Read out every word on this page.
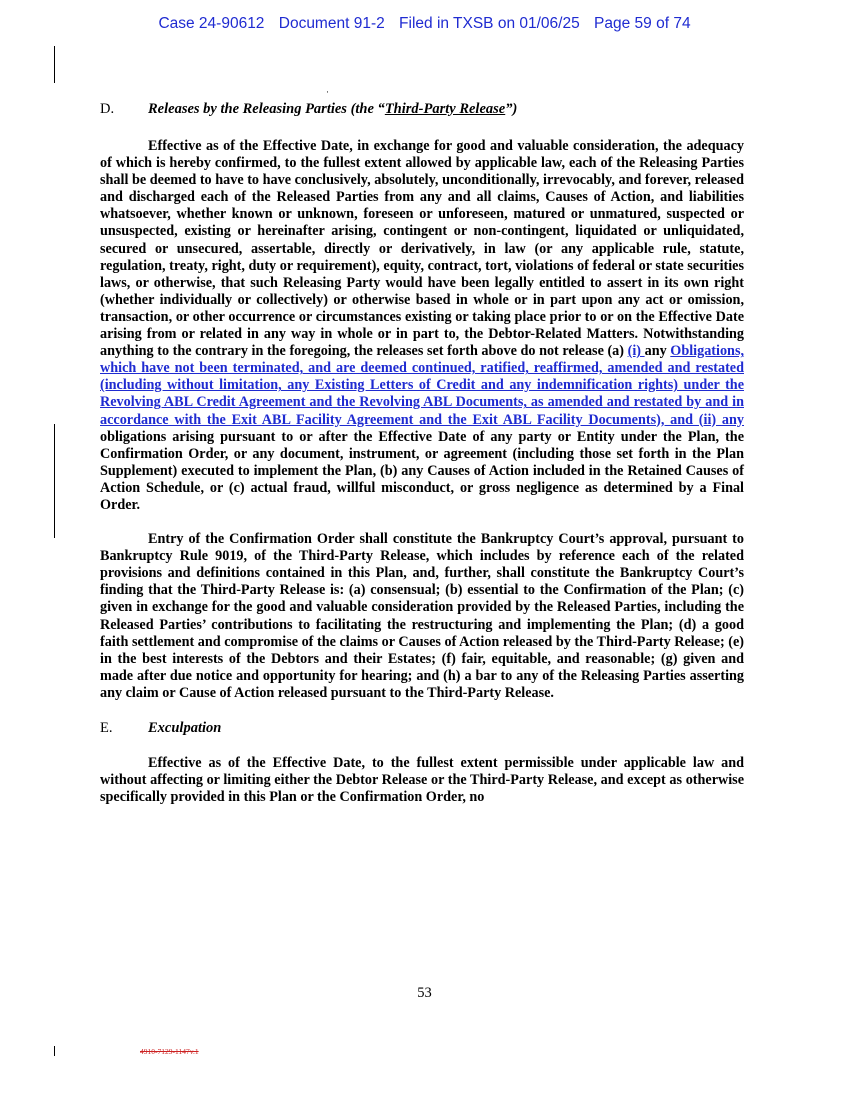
Case 24-90612 Document 91-2 Filed in TXSB on 01/06/25 Page 59 of 74
·
D. Releases by the Releasing Parties (the “Third-Party Release”)

Effective as of the Effective Date, in exchange for good and valuable consideration, the adequacy of which is hereby confirmed, to the fullest extent allowed by applicable law, each of the Releasing Parties shall be deemed to have to have conclusively, absolutely, unconditionally, irrevocably, and forever, released and discharged each of the Released Parties from any and all claims, Causes of Action, and liabilities whatsoever, whether known or unknown, foreseen or unforeseen, matured or unmatured, suspected or unsuspected, existing or hereinafter arising, contingent or non-contingent, liquidated or unliquidated, secured or unsecured, assertable, directly or derivatively, in law (or any applicable rule, statute, regulation, treaty, right, duty or requirement), equity, contract, tort, violations of federal or state securities laws, or otherwise, that such Releasing Party would have been legally entitled to assert in its own right (whether individually or collectively) or otherwise based in whole or in part upon any act or omission, transaction, or other occurrence or circumstances existing or taking place prior to or on the Effective Date arising from or related in any way in whole or in part to, the Debtor-Related Matters. Notwithstanding anything to the contrary in the foregoing, the releases set forth above do not release (a) (i) any Obligations, which have not been terminated, and are deemed continued, ratified, reaffirmed, amended and restated (including without limitation, any Existing Letters of Credit and any indemnification rights) under the Revolving ABL Credit Agreement and the Revolving ABL Documents, as amended and restated by and in accordance with the Exit ABL Facility Agreement and the Exit ABL Facility Documents), and (ii) any obligations arising pursuant to or after the Effective Date of any party or Entity under the Plan, the Confirmation Order, or any document, instrument, or agreement (including those set forth in the Plan Supplement) executed to implement the Plan, (b) any Causes of Action included in the Retained Causes of Action Schedule, or (c) actual fraud, willful misconduct, or gross negligence as determined by a Final Order.

Entry of the Confirmation Order shall constitute the Bankruptcy Court’s approval, pursuant to Bankruptcy Rule 9019, of the Third-Party Release, which includes by reference each of the related provisions and definitions contained in this Plan, and, further, shall constitute the Bankruptcy Court’s finding that the Third-Party Release is: (a) consensual; (b) essential to the Confirmation of the Plan; (c) given in exchange for the good and valuable consideration provided by the Released Parties, including the Released Parties’ contributions to facilitating the restructuring and implementing the Plan; (d) a good faith settlement and compromise of the claims or Causes of Action released by the Third-Party Release; (e) in the best interests of the Debtors and their Estates; (f) fair, equitable, and reasonable; (g) given and made after due notice and opportunity for hearing; and (h) a bar to any of the Releasing Parties asserting any claim or Cause of Action released pursuant to the Third-Party Release.

E. Exculpation

Effective as of the Effective Date, to the fullest extent permissible under applicable law and without affecting or limiting either the Debtor Release or the Third-Party Release, and except as otherwise specifically provided in this Plan or the Confirmation Order, no

53
4910-7129-1147v.1
